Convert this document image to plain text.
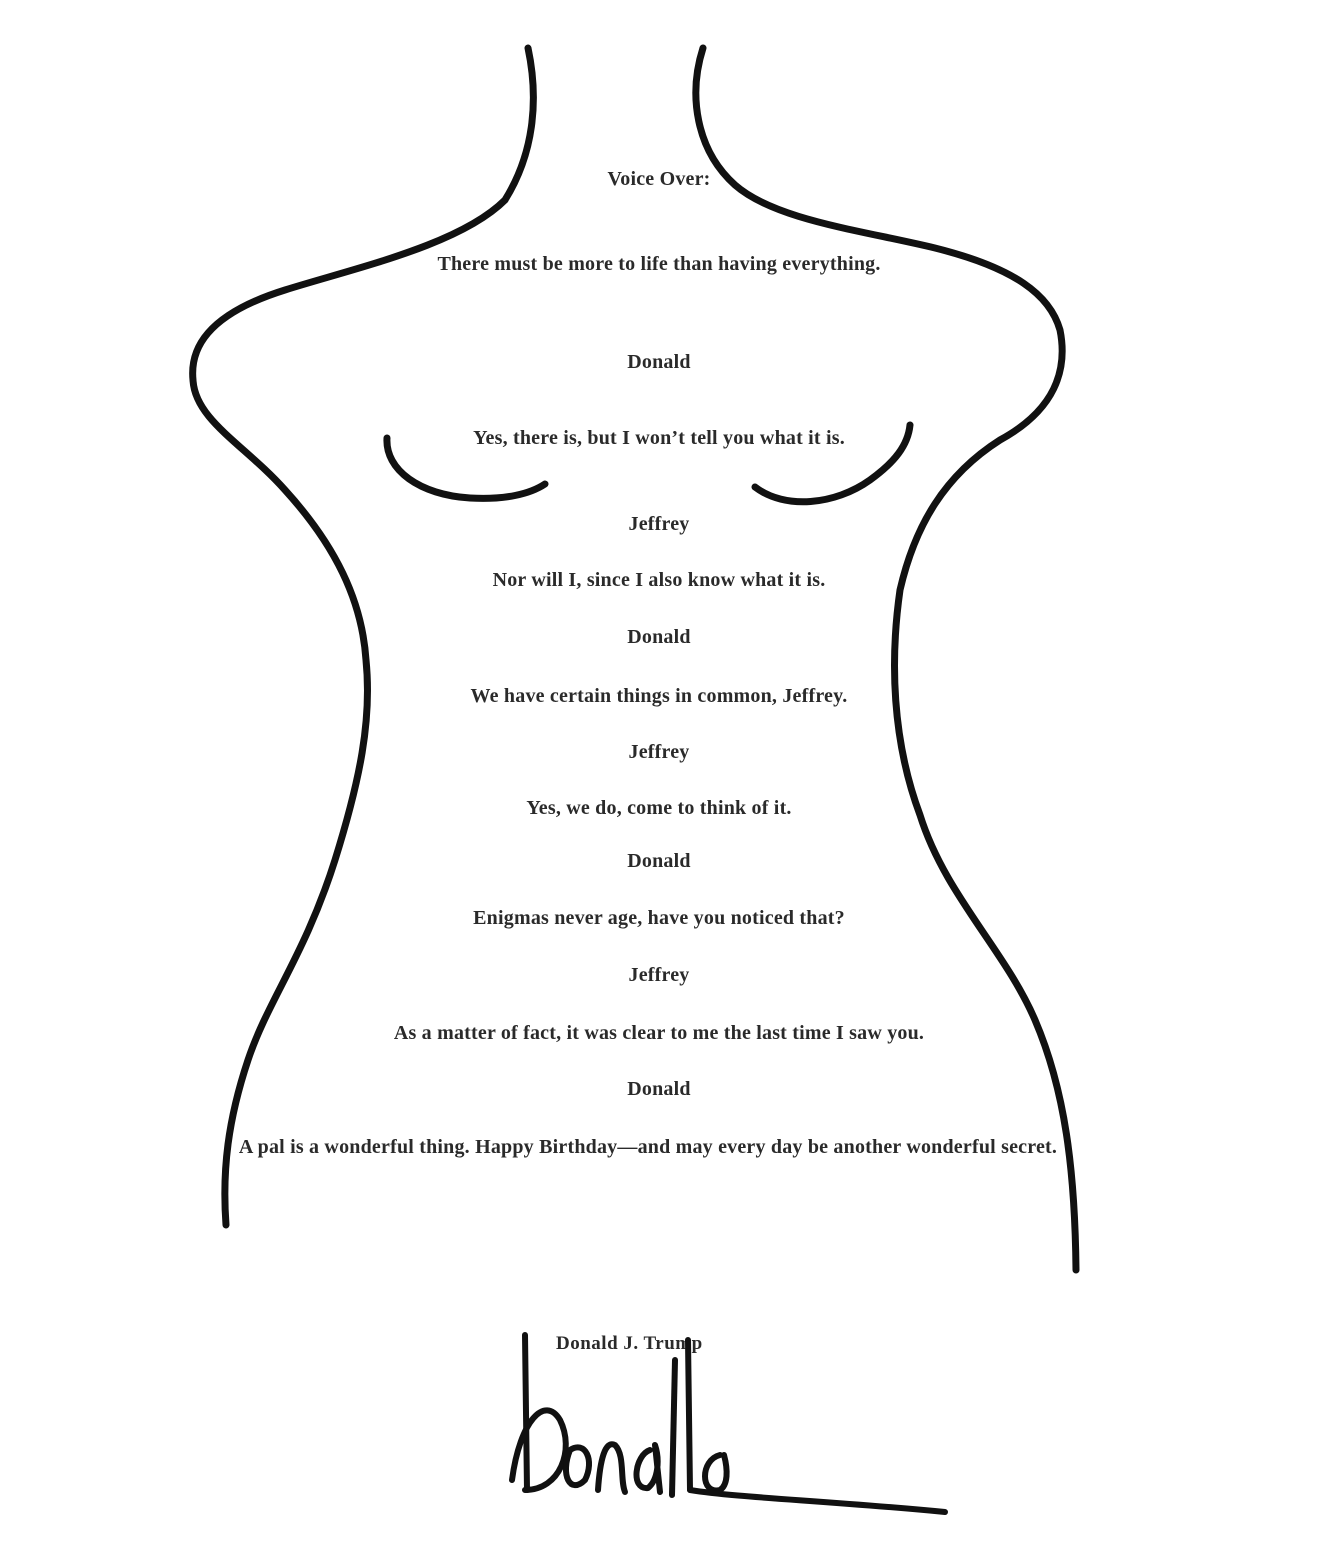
Voice Over:
There must be more to life than having everything.
Donald
Yes, there is, but I won’t tell you what it is.
Jeffrey
Nor will I, since I also know what it is.
Donald
We have certain things in common, Jeffrey.
Jeffrey
Yes, we do, come to think of it.
Donald
Enigmas never age, have you noticed that?
Jeffrey
As a matter of fact, it was clear to me the last time I saw you.
Donald
A pal is a wonderful thing. Happy Birthday—and may every day be another wonderful secret.
Donald J. Trump
